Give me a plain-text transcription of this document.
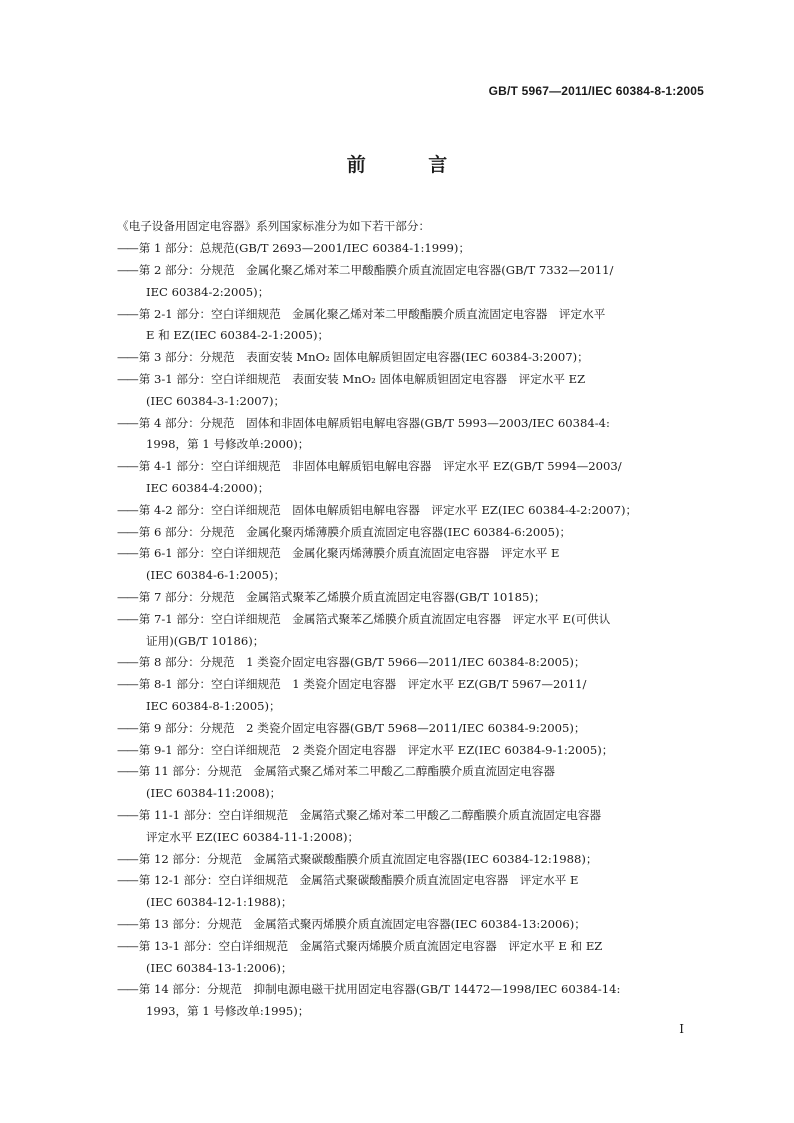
GB/T 5967—2011/IEC 60384-8-1:2005
前 言

《电子设备用固定电容器》系列国家标准分为如下若干部分：

—— 第 1 部分：总规范(GB/T 2693—2001/IEC 60384-1:1999)；
—— 第 2 部分：分规范　金属化聚乙烯对苯二甲酸酯膜介质直流固定电容器(GB/T 7332—2011/
IEC 60384-2:2005)；
—— 第 2-1 部分：空白详细规范　金属化聚乙烯对苯二甲酸酯膜介质直流固定电容器　评定水平
E 和 EZ(IEC 60384-2-1:2005)；
—— 第 3 部分：分规范　表面安装 MnO₂ 固体电解质钽固定电容器(IEC 60384-3:2007)；
—— 第 3-1 部分：空白详细规范　表面安装 MnO₂ 固体电解质钽固定电容器　评定水平 EZ
(IEC 60384-3-1:2007)；
—— 第 4 部分：分规范　固体和非固体电解质铝电解电容器(GB/T 5993—2003/IEC 60384-4:
1998，第 1 号修改单:2000)；
—— 第 4-1 部分：空白详细规范　非固体电解质铝电解电容器　评定水平 EZ(GB/T 5994—2003/
IEC 60384-4:2000)；
—— 第 4-2 部分：空白详细规范　固体电解质铝电解电容器　评定水平 EZ(IEC 60384-4-2:2007)；
—— 第 6 部分：分规范　金属化聚丙烯薄膜介质直流固定电容器(IEC 60384-6:2005)；
—— 第 6-1 部分：空白详细规范　金属化聚丙烯薄膜介质直流固定电容器　评定水平 E
(IEC 60384-6-1:2005)；
—— 第 7 部分：分规范　金属箔式聚苯乙烯膜介质直流固定电容器(GB/T 10185)；
—— 第 7-1 部分：空白详细规范　金属箔式聚苯乙烯膜介质直流固定电容器　评定水平 E(可供认
证用)(GB/T 10186)；
—— 第 8 部分：分规范　1 类瓷介固定电容器(GB/T 5966—2011/IEC 60384-8:2005)；
—— 第 8-1 部分：空白详细规范　1 类瓷介固定电容器　评定水平 EZ(GB/T 5967—2011/
IEC 60384-8-1:2005)；
—— 第 9 部分：分规范　2 类瓷介固定电容器(GB/T 5968—2011/IEC 60384-9:2005)；
—— 第 9-1 部分：空白详细规范　2 类瓷介固定电容器　评定水平 EZ(IEC 60384-9-1:2005)；
—— 第 11 部分：分规范　金属箔式聚乙烯对苯二甲酸乙二醇酯膜介质直流固定电容器
(IEC 60384-11:2008)；
—— 第 11-1 部分：空白详细规范　金属箔式聚乙烯对苯二甲酸乙二醇酯膜介质直流固定电容器
评定水平 EZ(IEC 60384-11-1:2008)；
—— 第 12 部分：分规范　金属箔式聚碳酸酯膜介质直流固定电容器(IEC 60384-12:1988)；
—— 第 12-1 部分：空白详细规范　金属箔式聚碳酸酯膜介质直流固定电容器　评定水平 E
(IEC 60384-12-1:1988)；
—— 第 13 部分：分规范　金属箔式聚丙烯膜介质直流固定电容器(IEC 60384-13:2006)；
—— 第 13-1 部分：空白详细规范　金属箔式聚丙烯膜介质直流固定电容器　评定水平 E 和 EZ
(IEC 60384-13-1:2006)；
—— 第 14 部分：分规范　抑制电源电磁干扰用固定电容器(GB/T 14472—1998/IEC 60384-14:
1993，第 1 号修改单:1995)；
I
